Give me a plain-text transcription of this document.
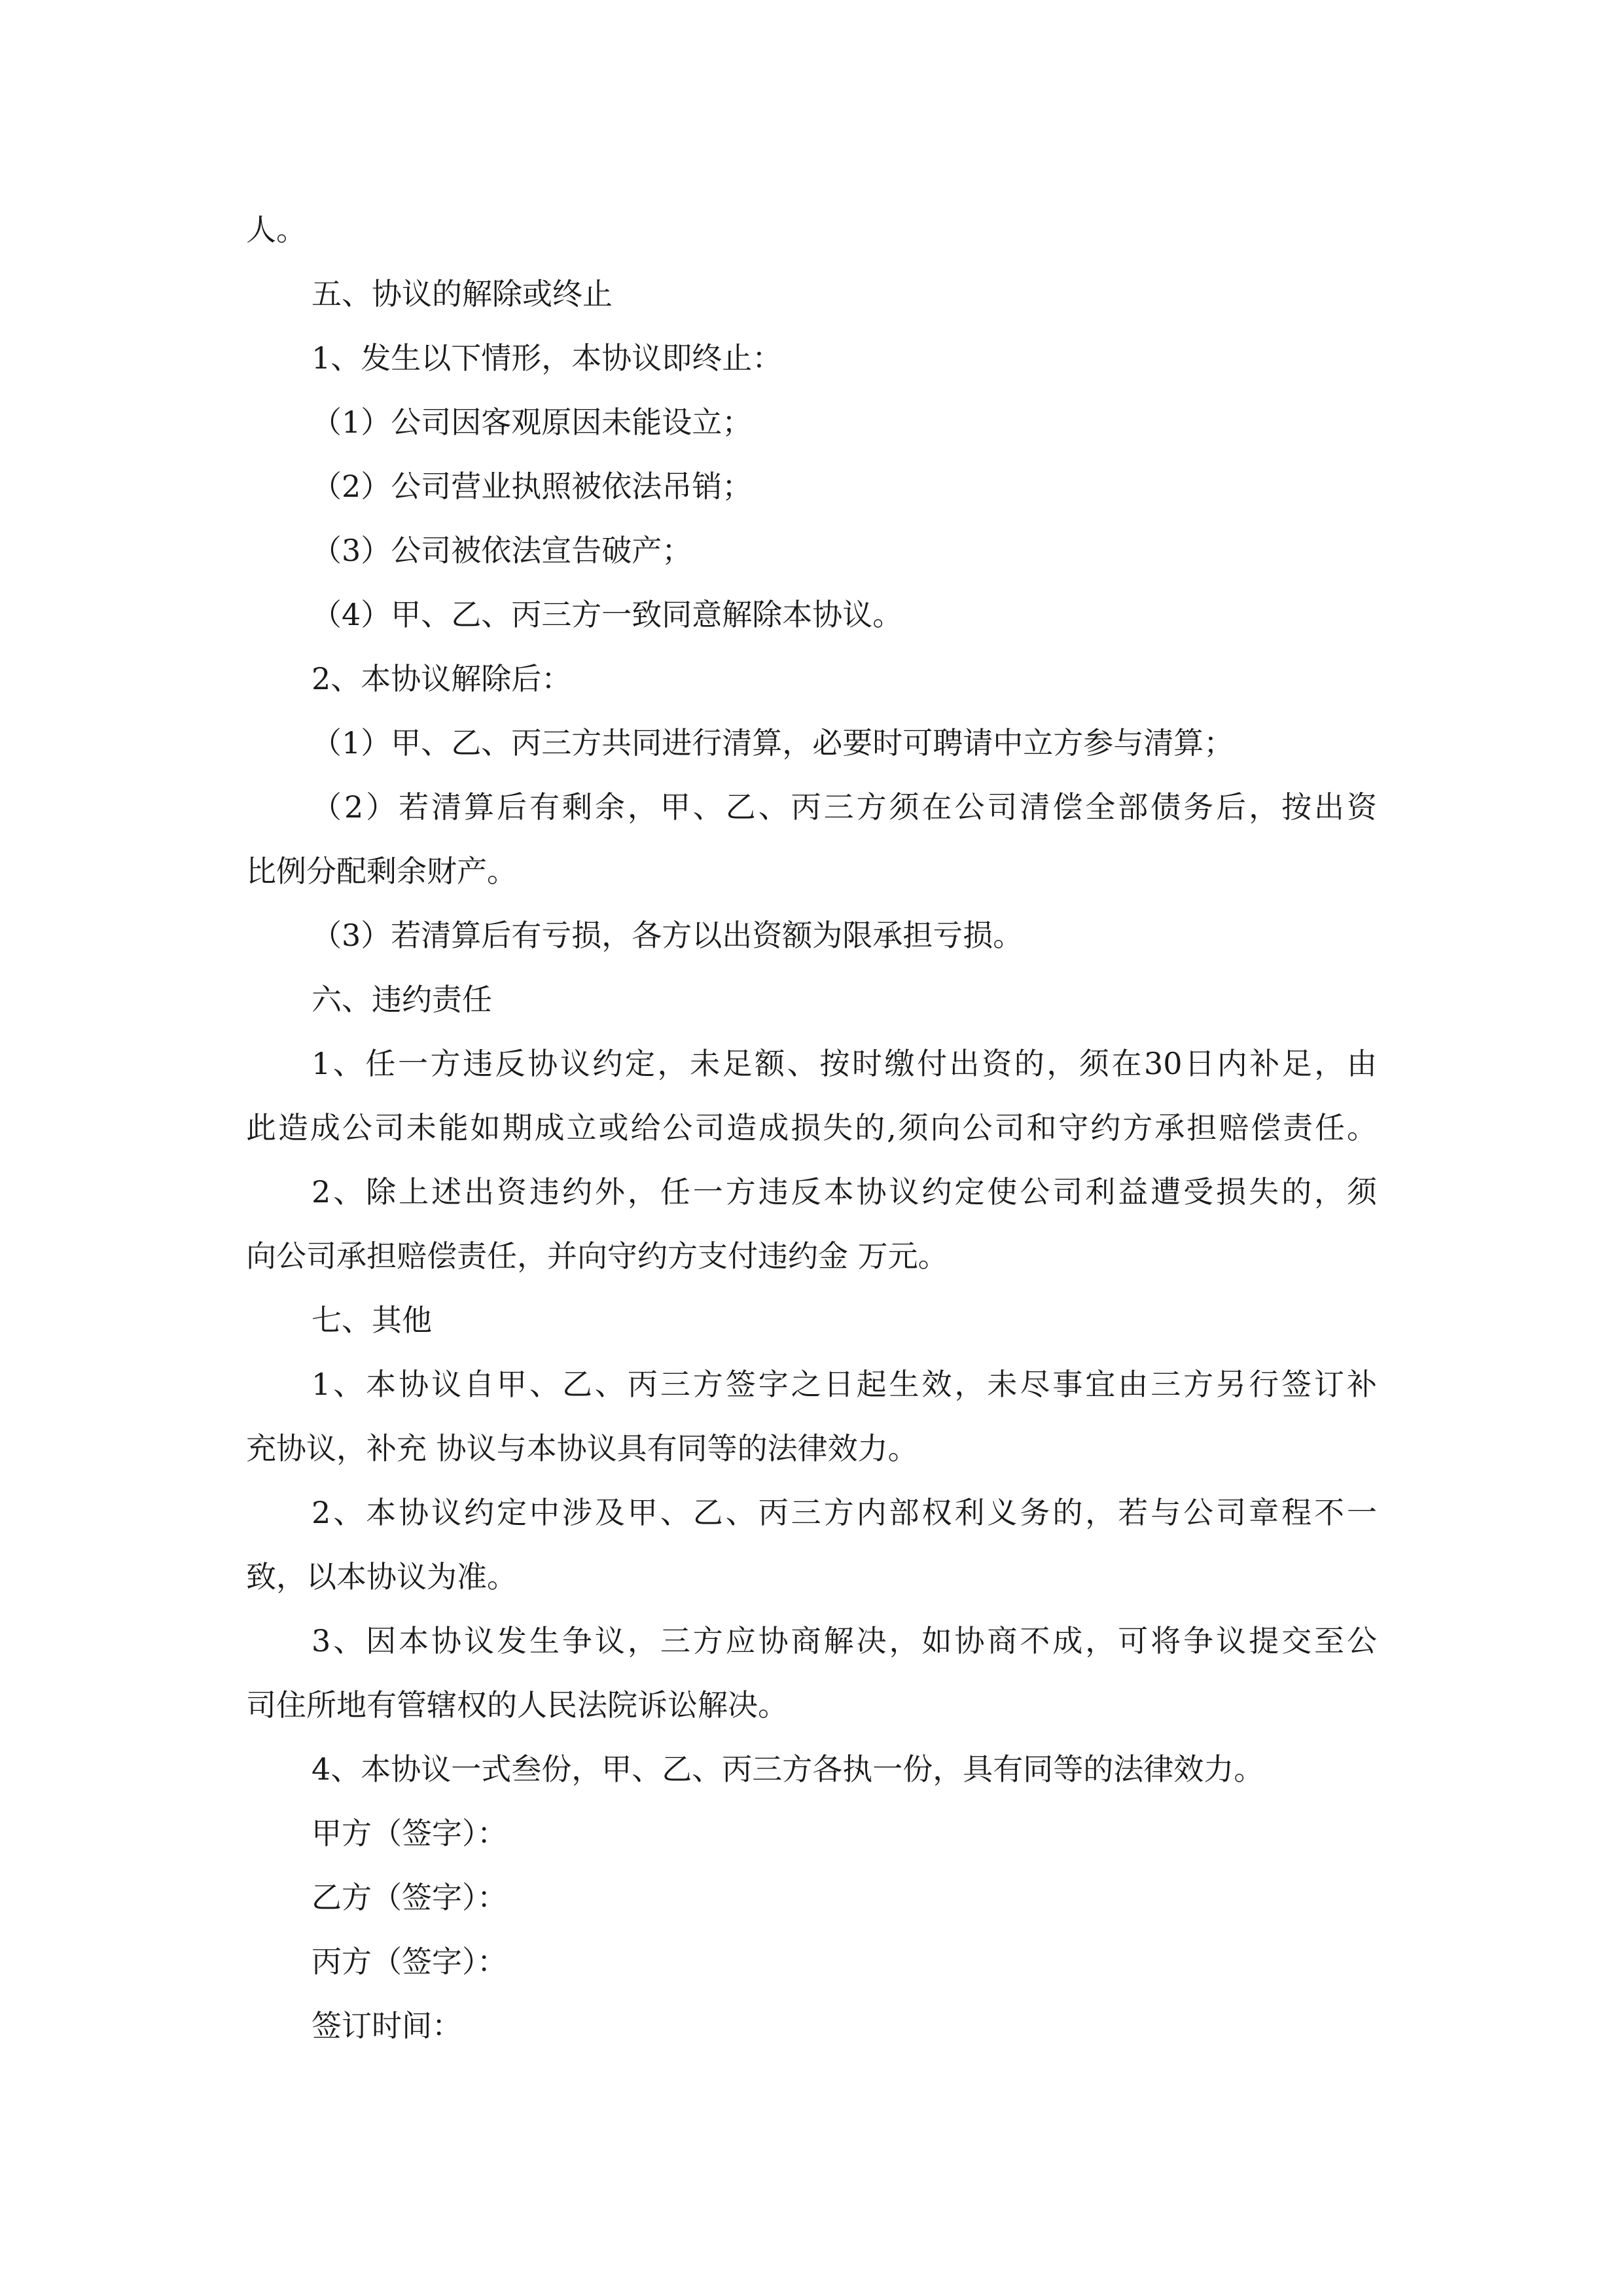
人。
五、协议的解除或终止
1、发生以下情形，本协议即终止：
（1）公司因客观原因未能设立；
（2）公司营业执照被依法吊销；
（3）公司被依法宣告破产；
（4）甲、乙、丙三方一致同意解除本协议。
2、本协议解除后：
（1）甲、乙、丙三方共同进行清算，必要时可聘请中立方参与清算；
（2）若清算后有剩余，甲、乙、丙三方须在公司清偿全部债务后，按出资
比例分配剩余财产。
（3）若清算后有亏损，各方以出资额为限承担亏损。
六、违约责任
1、任一方违反协议约定，未足额、按时缴付出资的，须在30日内补足，由
此造成公司未能如期成立或给公司造成损失的,须向公司和守约方承担赔偿责任。
2、除上述出资违约外，任一方违反本协议约定使公司利益遭受损失的，须
向公司承担赔偿责任，并向守约方支付违约金 万元。
七、其他
1、本协议自甲、乙、丙三方签字之日起生效，未尽事宜由三方另行签订补
充协议，补充 协议与本协议具有同等的法律效力。
2、本协议约定中涉及甲、乙、丙三方内部权利义务的，若与公司章程不一
致，以本协议为准。
3、因本协议发生争议，三方应协商解决，如协商不成，可将争议提交至公
司住所地有管辖权的人民法院诉讼解决。
4、本协议一式叁份，甲、乙、丙三方各执一份，具有同等的法律效力。
甲方（签字）：
乙方（签字）：
丙方（签字）：
签订时间：
